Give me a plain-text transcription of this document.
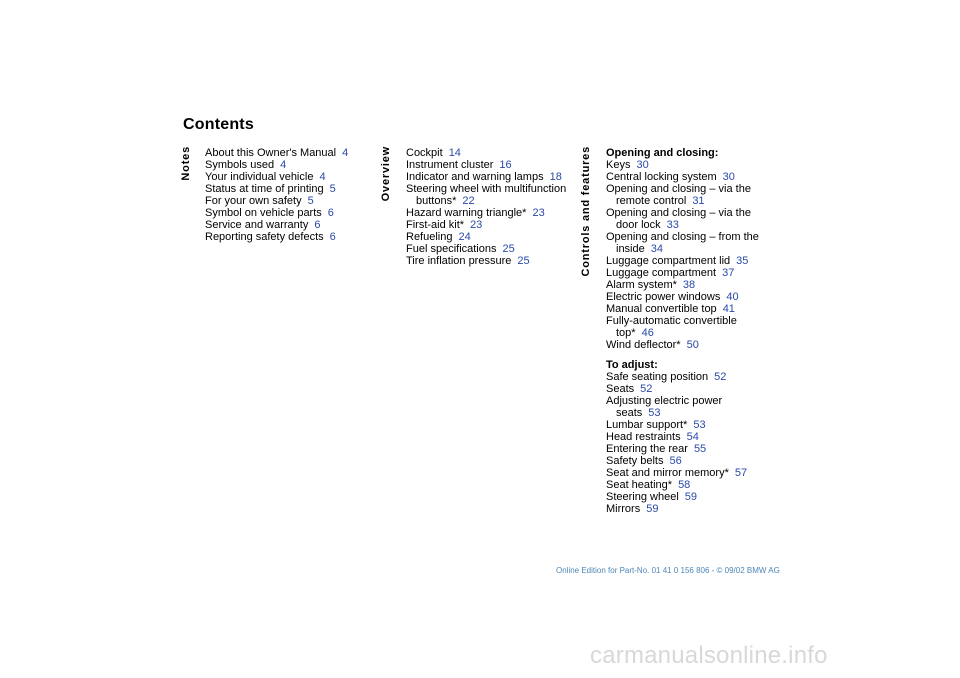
Contents
Notes About this Owner's Manual 4
Symbols used 4
Your individual vehicle 4
Status at time of printing 5
For your own safety 5
Symbol on vehicle parts 6
Service and warranty 6
Reporting safety defects 6
Overview Cockpit 14
Instrument cluster 16
Indicator and warning lamps 18
Steering wheel with multifunction
buttons* 22
Hazard warning triangle* 23
First-aid kit* 23
Refueling 24
Fuel specifications 25
Tire inflation pressure 25	Controls and features Opening and closing:
Keys 30
Central locking system 30
Opening and closing – via the
remote control 31
Opening and closing – via the
door lock 33
Opening and closing – from the
inside 34
Luggage compartment lid 35
Luggage compartment 37
Alarm system* 38
Electric power windows 40
Manual convertible top 41
Fully-automatic convertible
top* 46
Wind deflector* 50
To adjust:
Safe seating position 52
Seats 52
Adjusting electric power
seats 53
Lumbar support* 53
Head restraints 54
Entering the rear 55
Safety belts 56
Seat and mirror memory* 57
Seat heating* 58
Steering wheel 59
Mirrors 59
Online Edition for Part-No. 01 41 0 156 806 - © 09/02 BMW AG
carmanualsonline.info
